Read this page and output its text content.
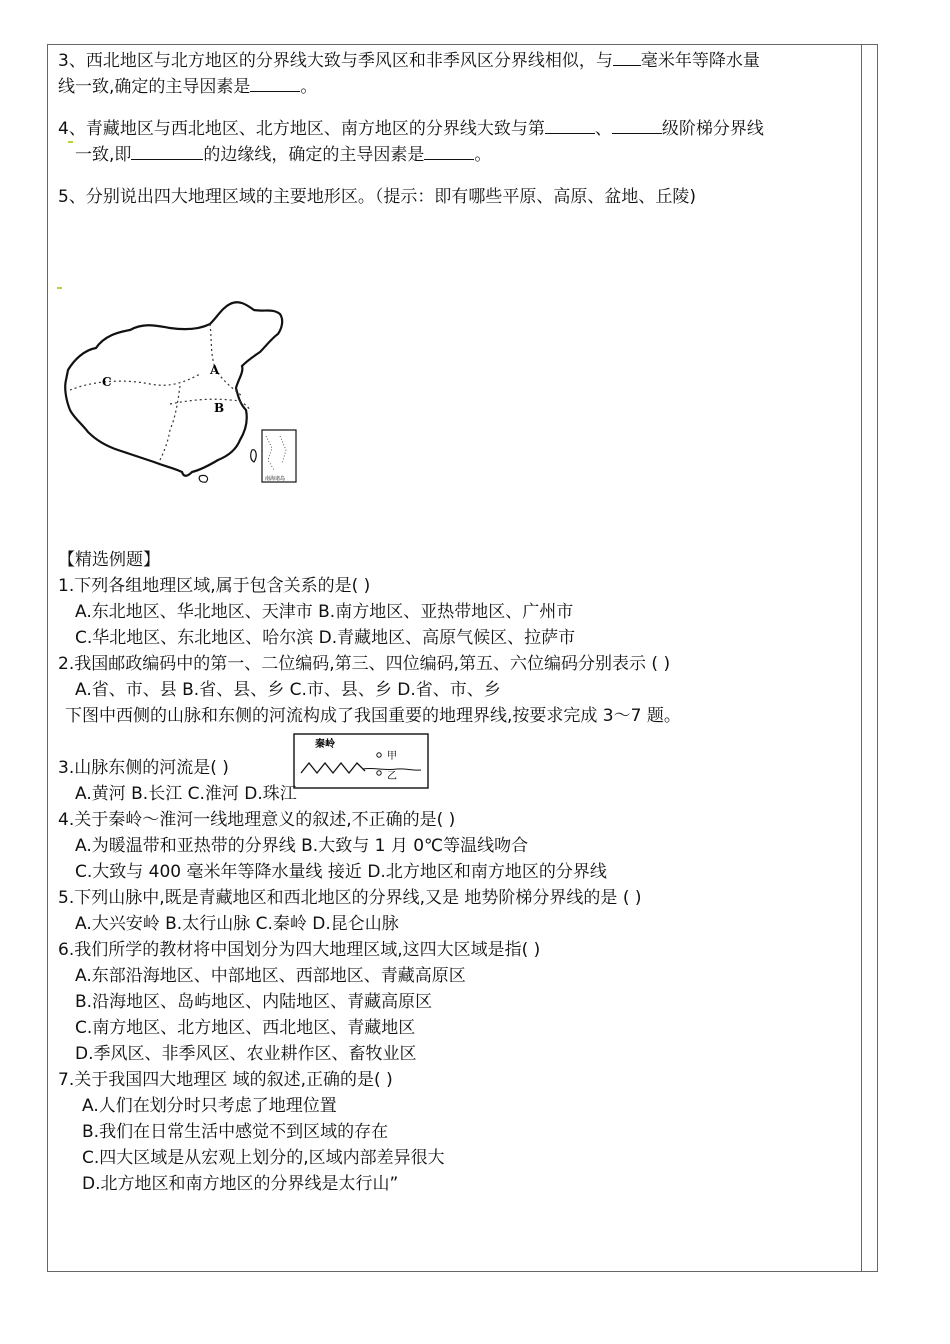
3、西北地区与北方地区的分界线大致与季风区和非季风区分界线相似，与 毫米年等降水量

线一致,确定的主导因素是	。

4、青藏地区与西北地区、北方地区、南方地区的分界线大致与第	、	级阶梯分界线

一致,即	的边缘线，确定的主导因素是	。

5、分别说出四大地理区域的主要地形区。（提示：即有哪些平原、高原、盆地、丘陵)

A
B
C
南海诸岛

【精选例题】

1.下列各组地理区域,属于包含关系的是( )

A.东北地区、华北地区、天津市 B.南方地区、亚热带地区、广州市

C.华北地区、东北地区、哈尔滨 D.青藏地区、高原气候区、拉萨市

2.我国邮政编码中的第一、二位编码,第三、四位编码,第五、六位编码分别表示 ( )

A.省、市、县 B.省、县、乡 C.市、县、乡 D.省、市、乡

下图中西侧的山脉和东侧的河流构成了我国重要的地理界线,按要求完成 3～7 题。

3.山脉东侧的河流是( )

秦岭
甲
乙

A.黄河 B.长江 C.淮河 D.珠江

4.关于秦岭～淮河一线地理意义的叙述,不正确的是( )

A.为暖温带和亚热带的分界线 B.大致与 1 月 0℃等温线吻合

C.大致与 400 毫米年等降水量线 接近 D.北方地区和南方地区的分界线

5.下列山脉中,既是青藏地区和西北地区的分界线,又是 地势阶梯分界线的是 ( )

A.大兴安岭 B.太行山脉 C.秦岭 D.昆仑山脉

6.我们所学的教材将中国划分为四大地理区域,这四大区域是指( )

A.东部沿海地区、中部地区、西部地区、青藏高原区

B.沿海地区、岛屿地区、内陆地区、青藏高原区

C.南方地区、北方地区、西北地区、青藏地区

D.季风区、非季风区、农业耕作区、畜牧业区

7.关于我国四大地理区 域的叙述,正确的是( )

A.人们在划分时只考虑了地理位置

B.我们在日常生活中感觉不到区域的存在

C.四大区域是从宏观上划分的,区域内部差异很大

D.北方地区和南方地区的分界线是太行山”
